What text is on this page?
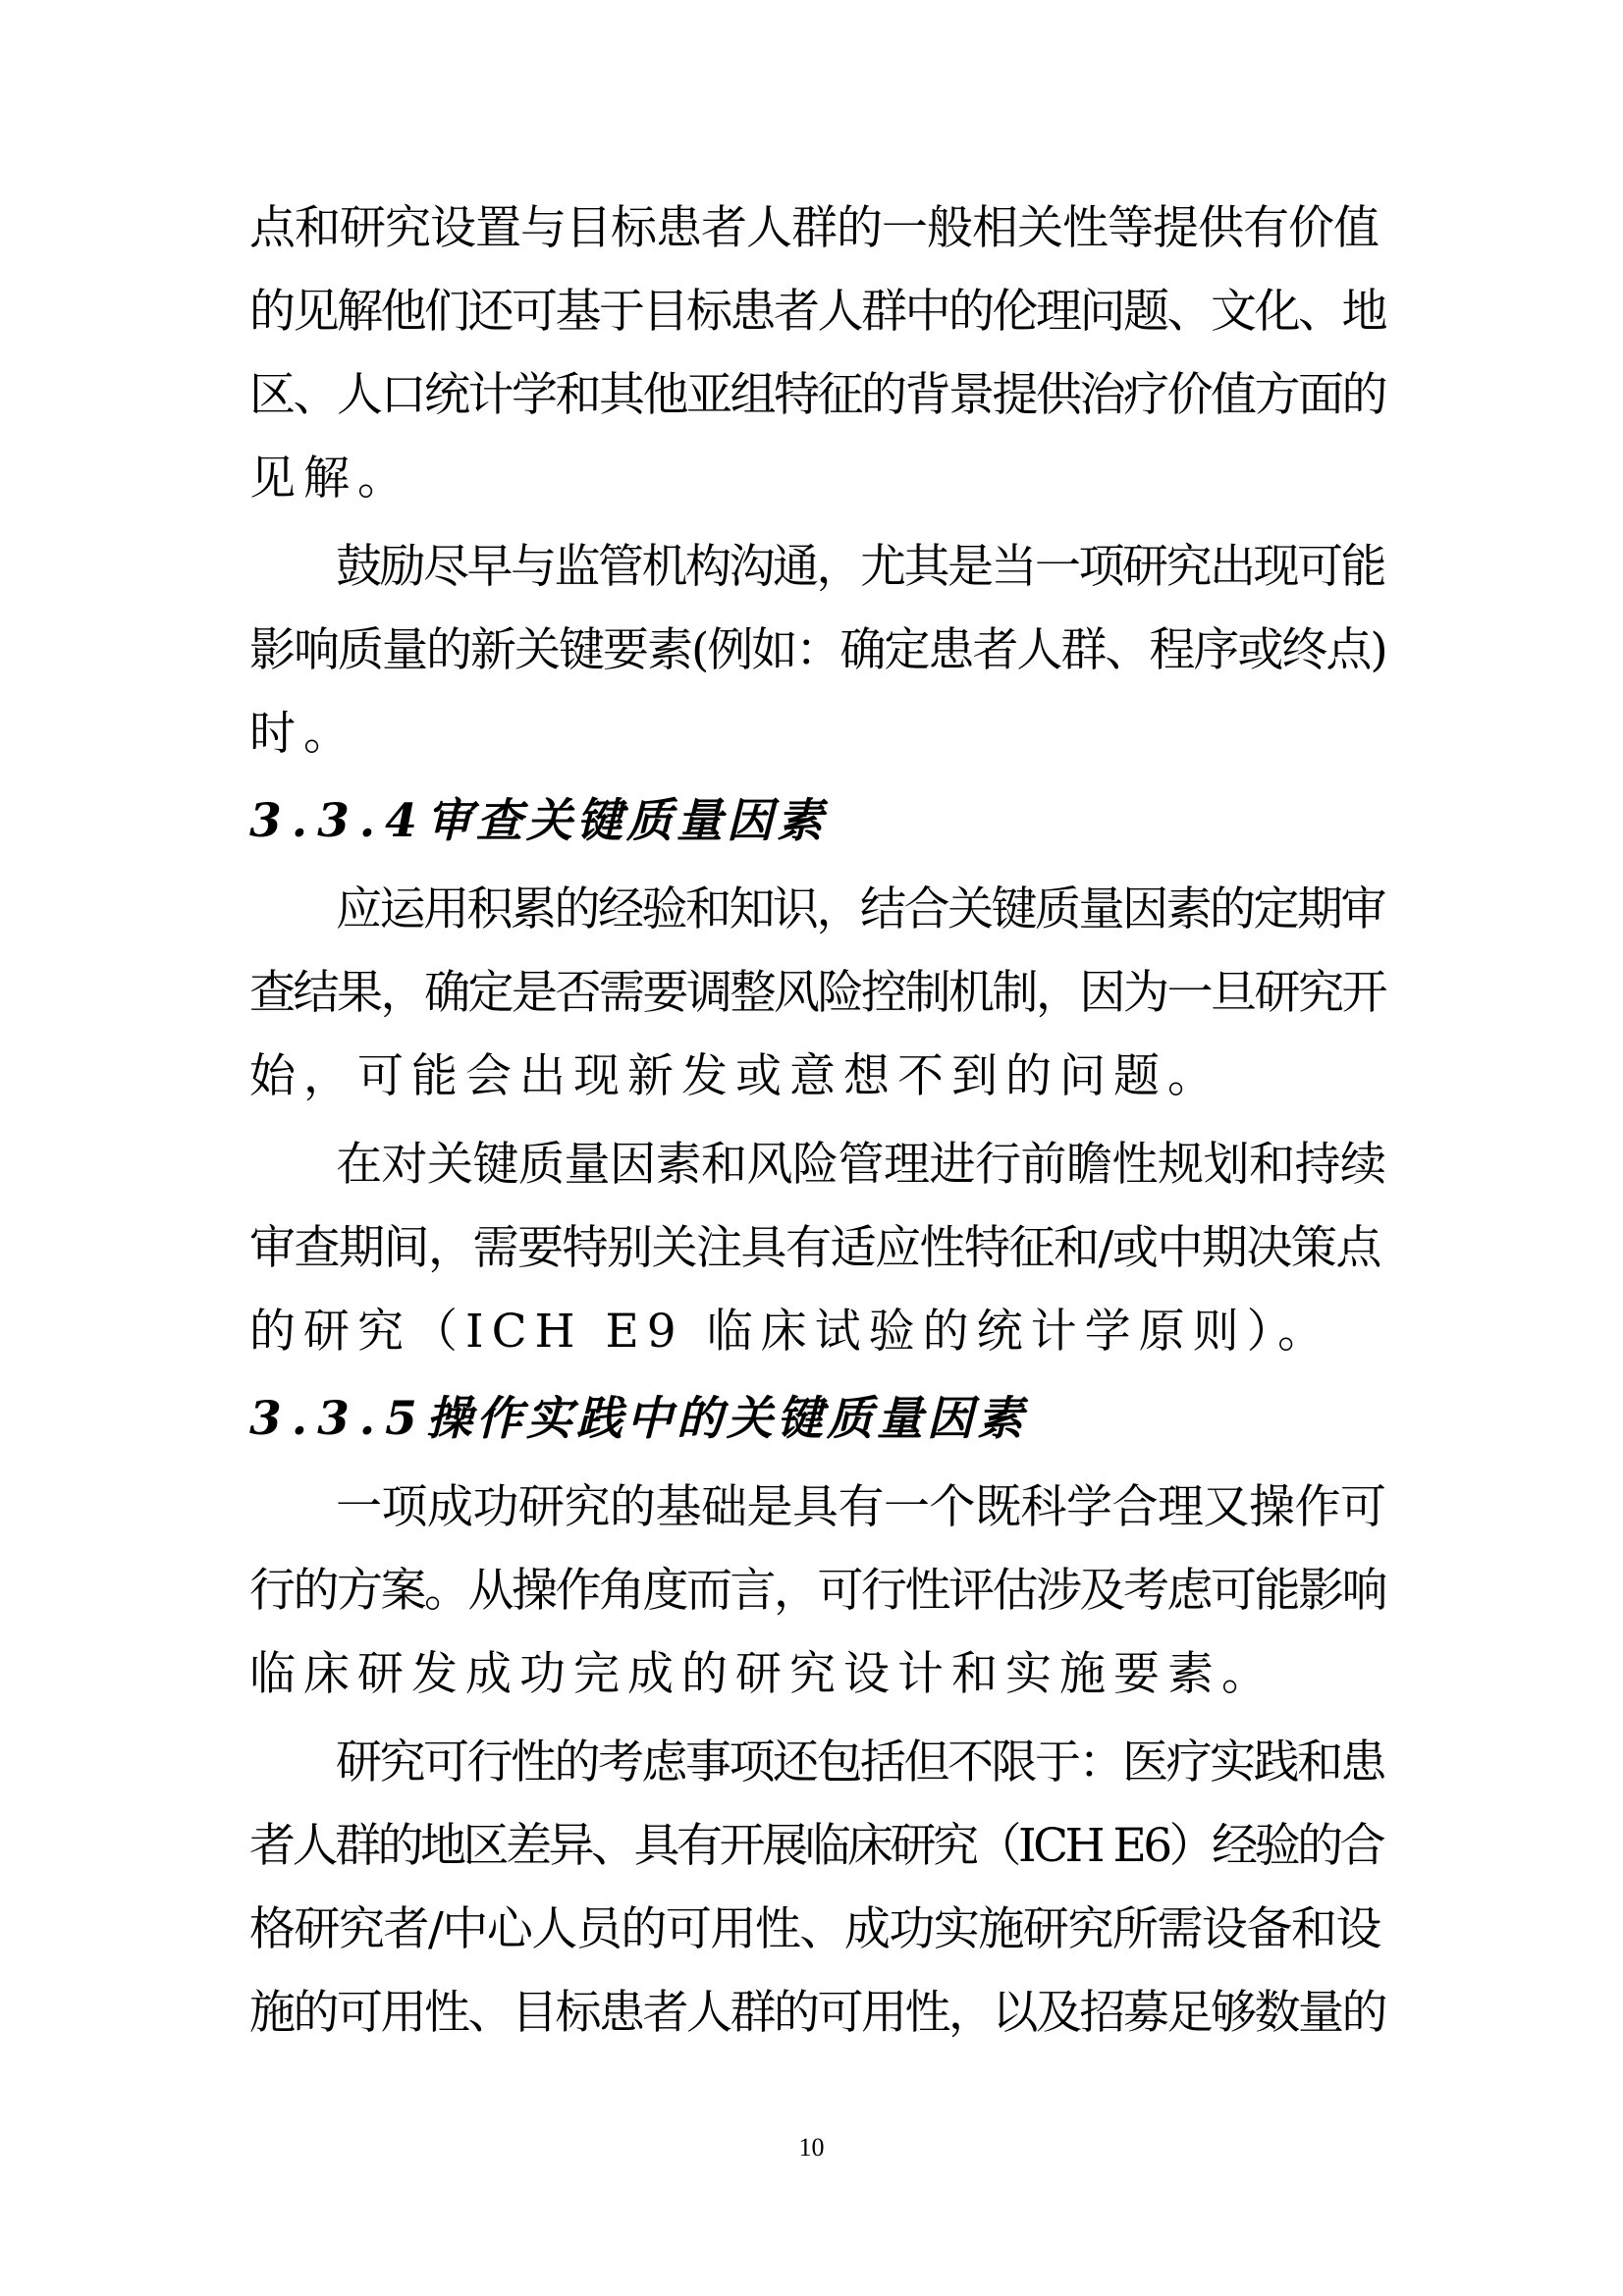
点和研究设置与目标患者人群的一般相关性等提供有价值
的见解他们还可基于目标患者人群中的伦理问题、文化、地
区、人口统计学和其他亚组特征的背景提供治疗价值方面的
见解。
鼓励尽早与监管机构沟通，尤其是当一项研究出现可能
影响质量的新关键要素(例如：确定患者人群、程序或终点)
时。
3.3.4审查关键质量因素
应运用积累的经验和知识，结合关键质量因素的定期审
查结果，确定是否需要调整风险控制机制，因为一旦研究开
始，可能会出现新发或意想不到的问题。
在对关键质量因素和风险管理进行前瞻性规划和持续
审查期间，需要特别关注具有适应性特征和/或中期决策点
的研究（ICH E9 临床试验的统计学原则）。
3.3.5操作实践中的关键质量因素
一项成功研究的基础是具有一个既科学合理又操作可
行的方案。从操作角度而言，可行性评估涉及考虑可能影响
临床研发成功完成的研究设计和实施要素。
研究可行性的考虑事项还包括但不限于：医疗实践和患
者人群的地区差异、具有开展临床研究（ICH E6）经验的合
格研究者/中心人员的可用性、成功实施研究所需设备和设
施的可用性、目标患者人群的可用性，以及招募足够数量的
10
